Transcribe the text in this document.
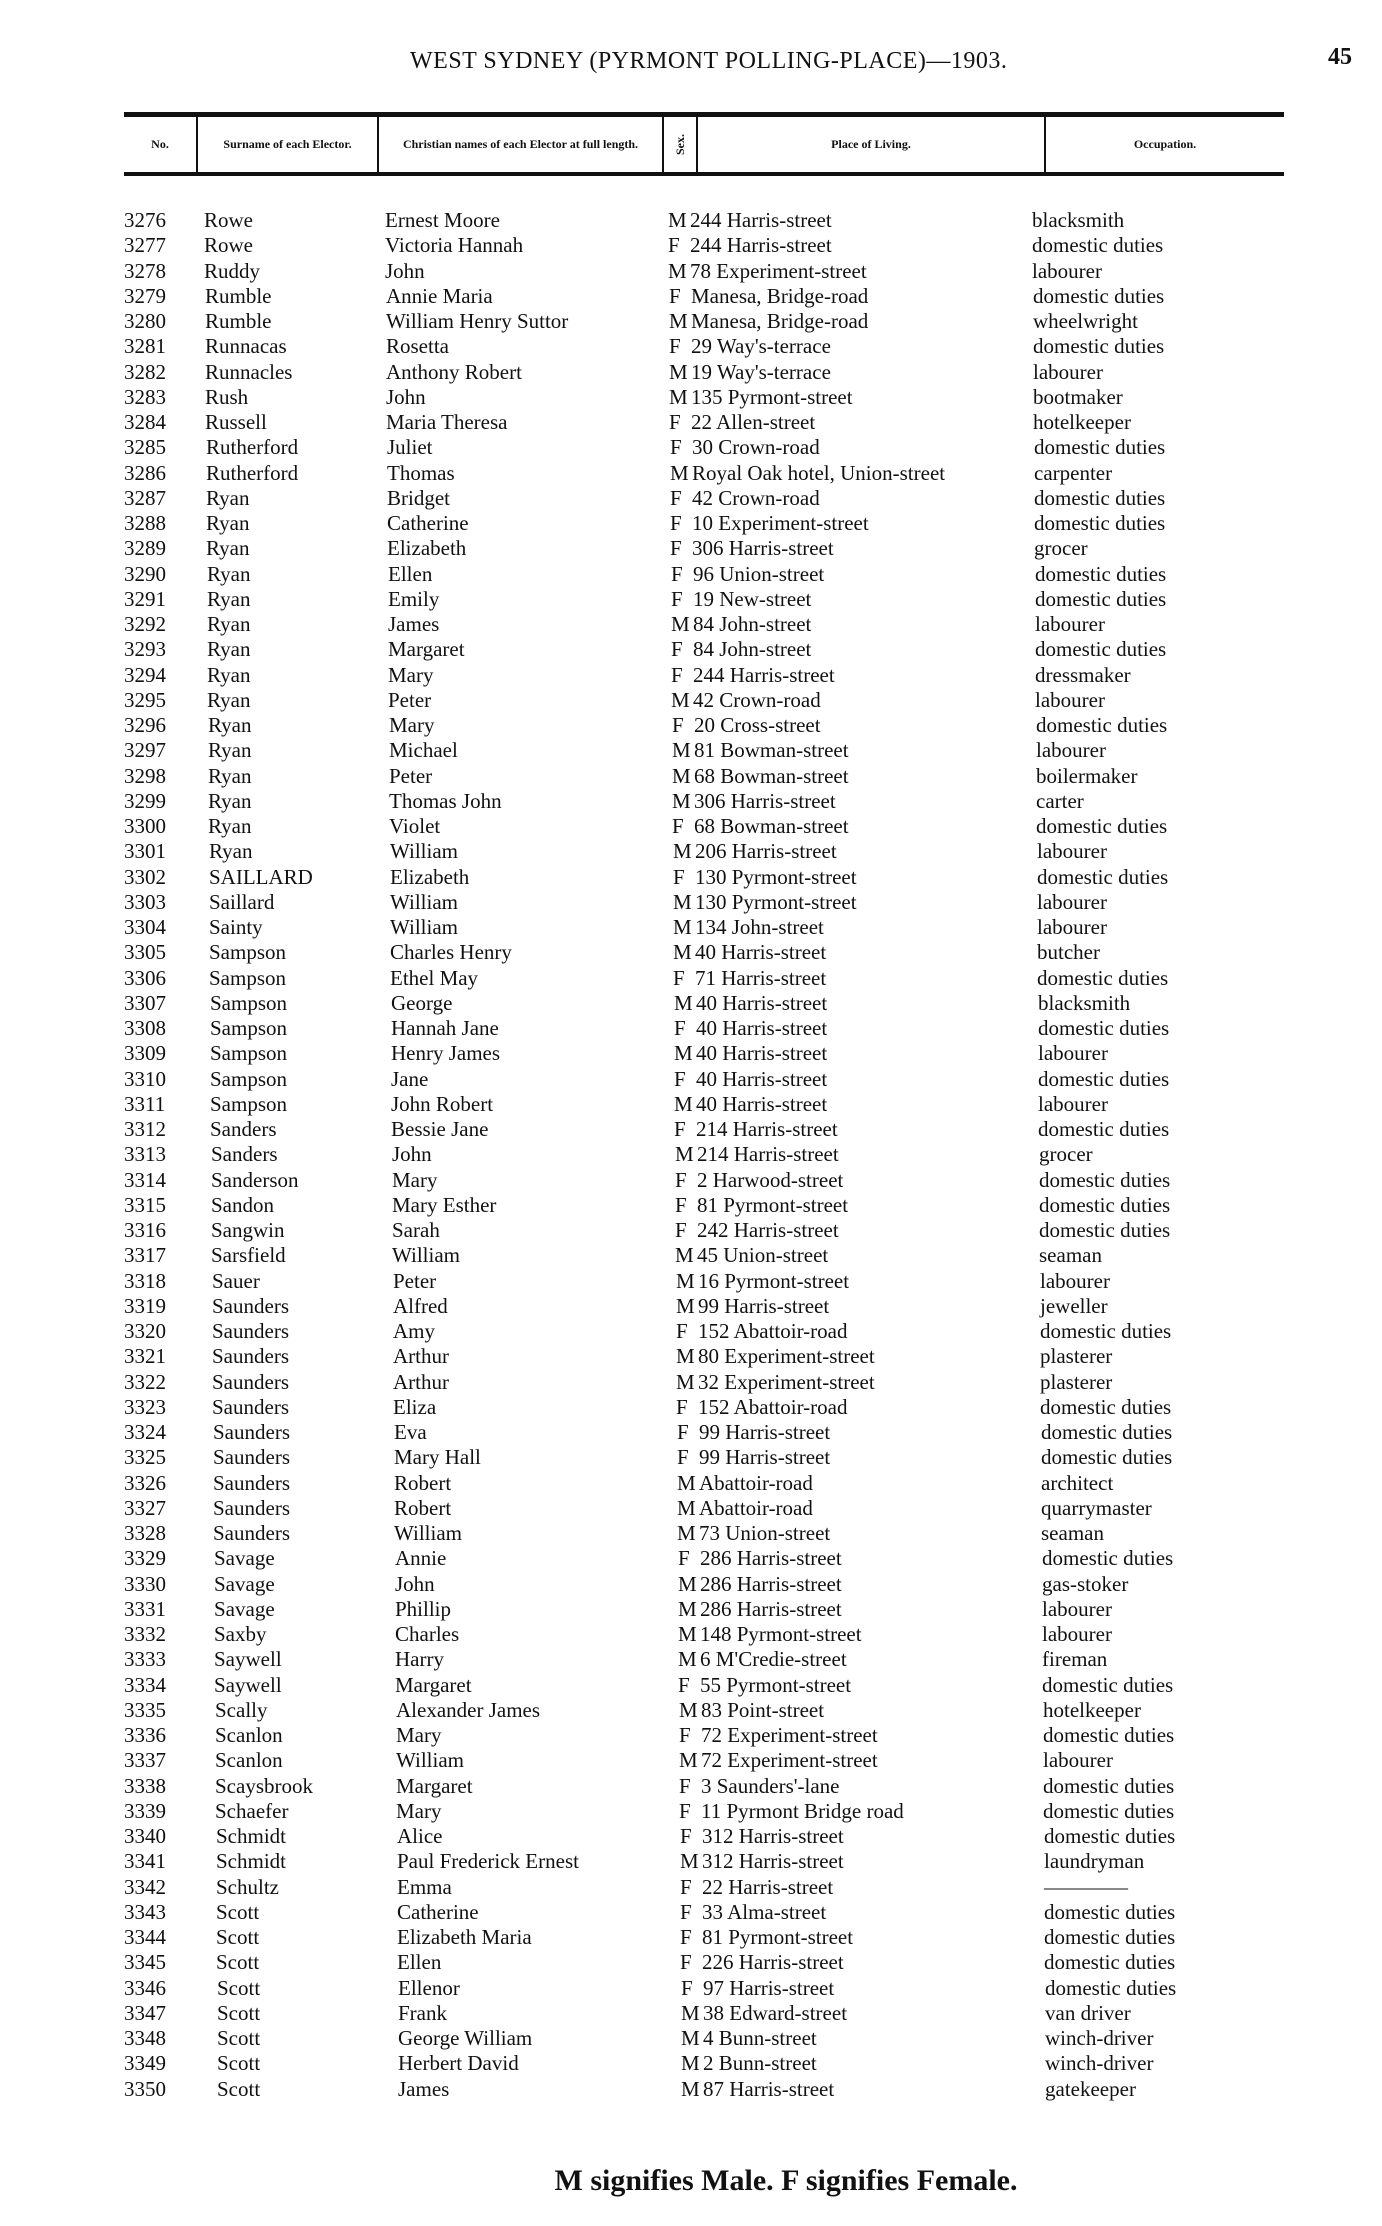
WEST SYDNEY (PYRMONT POLLING-PLACE)—1903.	45
No.	Surname of each Elector.	Christian names of each Elector at full length.	Sex.	Place of Living.	Occupation.
3276	Rowe	Ernest Moore	M 244 Harris-street	blacksmith
3277	Rowe	Victoria Hannah	F 244 Harris-street	domestic duties
3278	Ruddy	John	M 78 Experiment-street	labourer
3279	Rumble	Annie Maria	F Manesa, Bridge-road	domestic duties
3280	Rumble	William Henry Suttor	M Manesa, Bridge-road	wheelwright
3281	Runnacas	Rosetta	F 29 Way's-terrace	domestic duties
3282	Runnacles	Anthony Robert	M 19 Way's-terrace	labourer
3283	Rush	John	M 135 Pyrmont-street	bootmaker
3284	Russell	Maria Theresa	F 22 Allen-street	hotelkeeper
3285	Rutherford	Juliet	F 30 Crown-road	domestic duties
3286	Rutherford	Thomas	M Royal Oak hotel, Union-street	carpenter
3287	Ryan	Bridget	F 42 Crown-road	domestic duties
3288	Ryan	Catherine	F 10 Experiment-street	domestic duties
3289	Ryan	Elizabeth	F 306 Harris-street	grocer
3290	Ryan	Ellen	F 96 Union-street	domestic duties
3291	Ryan	Emily	F 19 New-street	domestic duties
3292	Ryan	James	M 84 John-street	labourer
3293	Ryan	Margaret	F 84 John-street	domestic duties
3294	Ryan	Mary	F 244 Harris-street	dressmaker
3295	Ryan	Peter	M 42 Crown-road	labourer
3296	Ryan	Mary	F 20 Cross-street	domestic duties
3297	Ryan	Michael	M 81 Bowman-street	labourer
3298	Ryan	Peter	M 68 Bowman-street	boilermaker
3299	Ryan	Thomas John	M 306 Harris-street	carter
3300	Ryan	Violet	F 68 Bowman-street	domestic duties
3301	Ryan	William	M 206 Harris-street	labourer
3302	SAILLARD	Elizabeth	F 130 Pyrmont-street	domestic duties
3303	Saillard	William	M 130 Pyrmont-street	labourer
3304	Sainty	William	M 134 John-street	labourer
3305	Sampson	Charles Henry	M 40 Harris-street	butcher
3306	Sampson	Ethel May	F 71 Harris-street	domestic duties
3307	Sampson	George	M 40 Harris-street	blacksmith
3308	Sampson	Hannah Jane	F 40 Harris-street	domestic duties
3309	Sampson	Henry James	M 40 Harris-street	labourer
3310	Sampson	Jane	F 40 Harris-street	domestic duties
3311	Sampson	John Robert	M 40 Harris-street	labourer
3312	Sanders	Bessie Jane	F 214 Harris-street	domestic duties
3313	Sanders	John	M 214 Harris-street	grocer
3314	Sanderson	Mary	F 2 Harwood-street	domestic duties
3315	Sandon	Mary Esther	F 81 Pyrmont-street	domestic duties
3316	Sangwin	Sarah	F 242 Harris-street	domestic duties
3317	Sarsfield	William	M 45 Union-street	seaman
3318	Sauer	Peter	M 16 Pyrmont-street	labourer
3319	Saunders	Alfred	M 99 Harris-street	jeweller
3320	Saunders	Amy	F 152 Abattoir-road	domestic duties
3321	Saunders	Arthur	M 80 Experiment-street	plasterer
3322	Saunders	Arthur	M 32 Experiment-street	plasterer
3323	Saunders	Eliza	F 152 Abattoir-road	domestic duties
3324	Saunders	Eva	F 99 Harris-street	domestic duties
3325	Saunders	Mary Hall	F 99 Harris-street	domestic duties
3326	Saunders	Robert	M Abattoir-road	architect
3327	Saunders	Robert	M Abattoir-road	quarrymaster
3328	Saunders	William	M 73 Union-street	seaman
3329	Savage	Annie	F 286 Harris-street	domestic duties
3330	Savage	John	M 286 Harris-street	gas-stoker
3331	Savage	Phillip	M 286 Harris-street	labourer
3332	Saxby	Charles	M 148 Pyrmont-street	labourer
3333	Saywell	Harry	M 6 M'Credie-street	fireman
3334	Saywell	Margaret	F 55 Pyrmont-street	domestic duties
3335	Scally	Alexander James	M 83 Point-street	hotelkeeper
3336	Scanlon	Mary	F 72 Experiment-street	domestic duties
3337	Scanlon	William	M 72 Experiment-street	labourer
3338	Scaysbrook	Margaret	F 3 Saunders'-lane	domestic duties
3339	Schaefer	Mary	F 11 Pyrmont Bridge road	domestic duties
3340	Schmidt	Alice	F 312 Harris-street	domestic duties
3341	Schmidt	Paul Frederick Ernest	M 312 Harris-street	laundryman
3342	Schultz	Emma	F 22 Harris-street	————
3343	Scott	Catherine	F 33 Alma-street	domestic duties
3344	Scott	Elizabeth Maria	F 81 Pyrmont-street	domestic duties
3345	Scott	Ellen	F 226 Harris-street	domestic duties
3346	Scott	Ellenor	F 97 Harris-street	domestic duties
3347	Scott	Frank	M 38 Edward-street	van driver
3348	Scott	George William	M 4 Bunn-street	winch-driver
3349	Scott	Herbert David	M 2 Bunn-street	winch-driver
3350	Scott	James	M 87 Harris-street	gatekeeper
M signifies Male. F signifies Female.
